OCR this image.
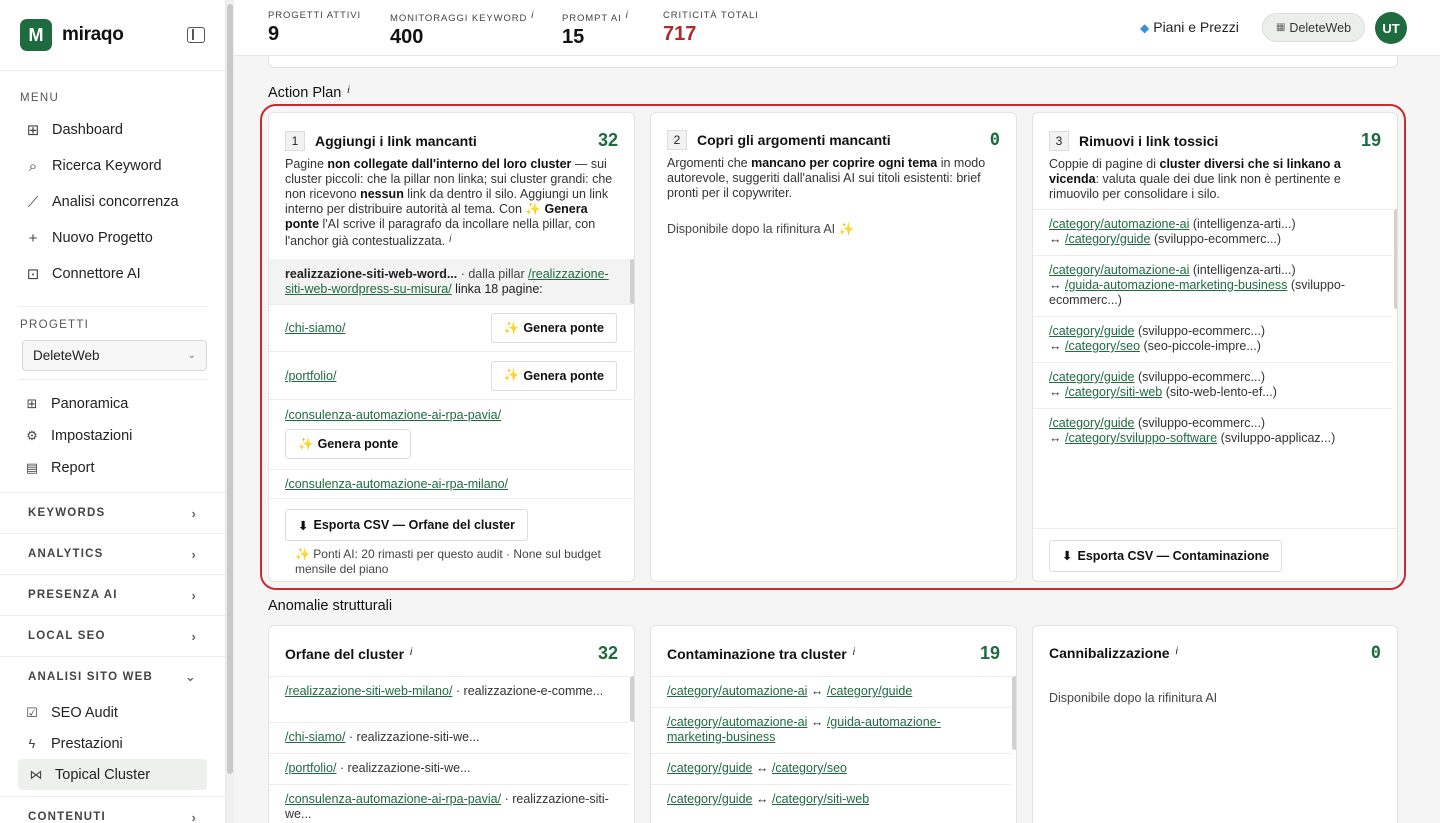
M miraqo
MENU
⊞ Dashboard
⌕	Ricerca Keyword
⟋ Analisi concorrenza
+	Nuovo Progetto
⊡ Connettore AI
PROGETTI
DeleteWeb	⌄
⊞ Panoramica
⚙ Impostazioni
▤ Report
KEYWORDS	›
ANALYTICS	›
PRESENZA AI	›
LOCAL SEO	›
ANALISI SITO WEB ⌄
☑ SEO Audit
ϟ	Prestazioni
⋈ Topical Cluster
CONTENUTI	›
PROGETTI ATTIVI
9
MONITORAGGI KEYWORD i
400
PROMPT AI i
15
CRITICITÀ TOTALI
717	◆ Piani e Prezzi	▦ DeleteWeb	UT
Action Plan $^i$
1	Aggiungi i link mancanti	32
Pagine non collegate dall'interno del loro cluster — sui cluster piccoli: che la pillar non linka; sui cluster grandi: che non ricevono nessun link da dentro il silo. Aggiungi un link interno per distribuire autorità al tema. Con ✨ Genera ponte l'AI scrive il paragrafo da incollare nella pillar, con l'anchor già contestualizzata. $^i$
realizzazione-siti-web-word... · dalla pillar /realizzazione-siti-web-wordpress-su-misura/ linka 18 pagine:
/chi-siamo/	✨ Genera ponte
/portfolio/	✨ Genera ponte
/consulenza-automazione-ai-rpa-pavia/
✨ Genera ponte
/consulenza-automazione-ai-rpa-milano/
⬇ Esporta CSV — Orfane del cluster
✨ Ponti AI: 20 rimasti per questo audit · None sul budget mensile del piano
2	Copri gli argomenti mancanti	0
Argomenti che mancano per coprire ogni tema in modo autorevole, suggeriti dall'analisi AI sui titoli esistenti: brief pronti per il copywriter.
Disponibile dopo la rifinitura AI ✨
3	Rimuovi i link tossici	19
Coppie di pagine di cluster diversi che si linkano a vicenda: valuta quale dei due link non è pertinente e rimuovilo per consolidare i silo.
/category/automazione-ai (intelligenza-arti...)
↔ /category/guide (sviluppo-ecommerc...)
/category/automazione-ai (intelligenza-arti...)
↔ /guida-automazione-marketing-business (sviluppo-ecommerc...)
/category/guide (sviluppo-ecommerc...)
↔ /category/seo (seo-piccole-impre...)
/category/guide (sviluppo-ecommerc...)
↔ /category/siti-web (sito-web-lento-ef...)
/category/guide (sviluppo-ecommerc...)
↔ /category/sviluppo-software (sviluppo-applicaz...)
⬇ Esporta CSV — Contaminazione
Anomalie strutturali
Orfane del cluster $^i$	32
/realizzazione-siti-web-milano/ · realizzazione-e-comme...
/chi-siamo/ · realizzazione-siti-we...
/portfolio/ · realizzazione-siti-we...
/consulenza-automazione-ai-rpa-pavia/ · realizzazione-siti-we...
Contaminazione tra cluster $^i$	19
/category/automazione-ai ↔ /category/guide
/category/automazione-ai ↔ /guida-automazione-marketing-business
/category/guide ↔ /category/seo
/category/guide ↔ /category/siti-web
Cannibalizzazione $^i$	0
Disponibile dopo la rifinitura AI
